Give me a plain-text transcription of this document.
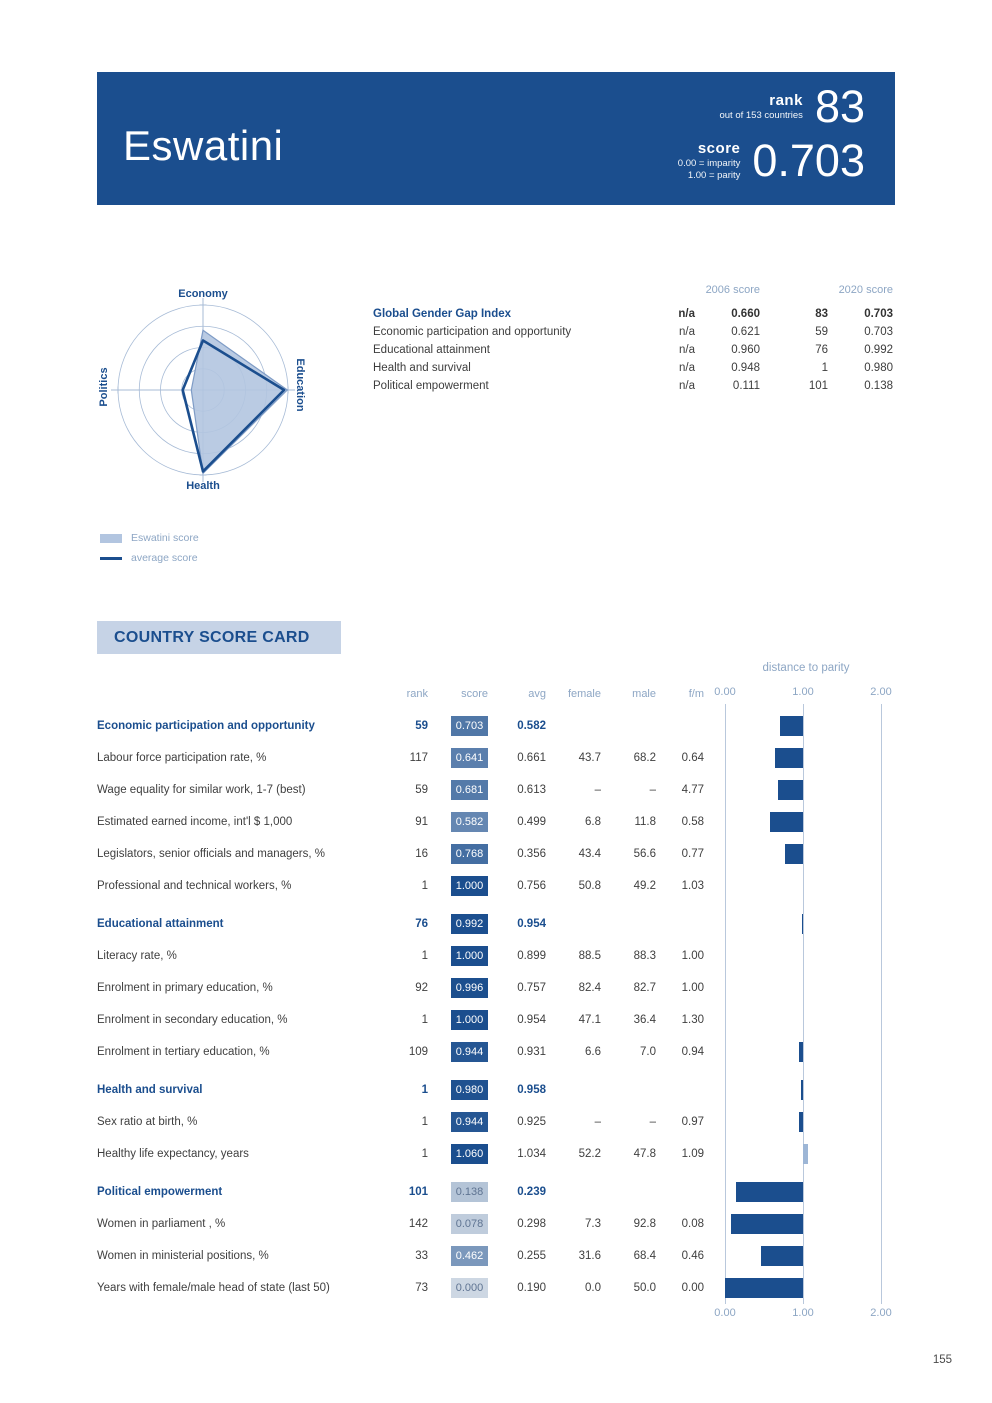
Eswatini
rank
out of 153 countries 83
score
0.00 = imparity
1.00 = parity 0.703
Economy
Education
Health
Politics
Eswatini score
average score
2006 score	2020 score
Global Gender Gap Index	n/a	0.660	83	0.703
Economic participation and opportunity	n/a	0.621	59	0.703
Educational attainment	n/a	0.960	76	0.992
Health and survival	n/a	0.948	1	0.980
Political empowerment	n/a	0.111	101	0.138
COUNTRY SCORE CARD
distance to parity
rank	score	avg	female	male	f/m 0.00	1.00	2.00
Economic participation and opportunity	59	0.703	0.582
Labour force participation rate, %	117	0.641	0.661	43.7	68.2	0.64
Wage equality for similar work, 1-7 (best)	59	0.681	0.613	–	–	4.77
Estimated earned income, int'l $ 1,000	91	0.582	0.499	6.8	11.8	0.58
Legislators, senior officials and managers, %	16	0.768	0.356	43.4	56.6	0.77
Professional and technical workers, %	1	1.000	0.756	50.8	49.2	1.03
Educational attainment	76	0.992	0.954
Literacy rate, %	1	1.000	0.899	88.5	88.3	1.00
Enrolment in primary education, %	92	0.996	0.757	82.4	82.7	1.00
Enrolment in secondary education, %	1	1.000	0.954	47.1	36.4	1.30
Enrolment in tertiary education, %	109	0.944	0.931	6.6	7.0	0.94
Health and survival	1	0.980	0.958
Sex ratio at birth, %	1	0.944	0.925	–	–	0.97
Healthy life expectancy, years	1	1.060	1.034	52.2	47.8	1.09
Political empowerment	101	0.138	0.239
Women in parliament , %	142	0.078	0.298	7.3	92.8	0.08
Women in ministerial positions, %	33	0.462	0.255	31.6	68.4	0.46
Years with female/male head of state (last 50)	73	0.000	0.190	0.0	50.0	0.00
0.00	1.00	2.00
155
